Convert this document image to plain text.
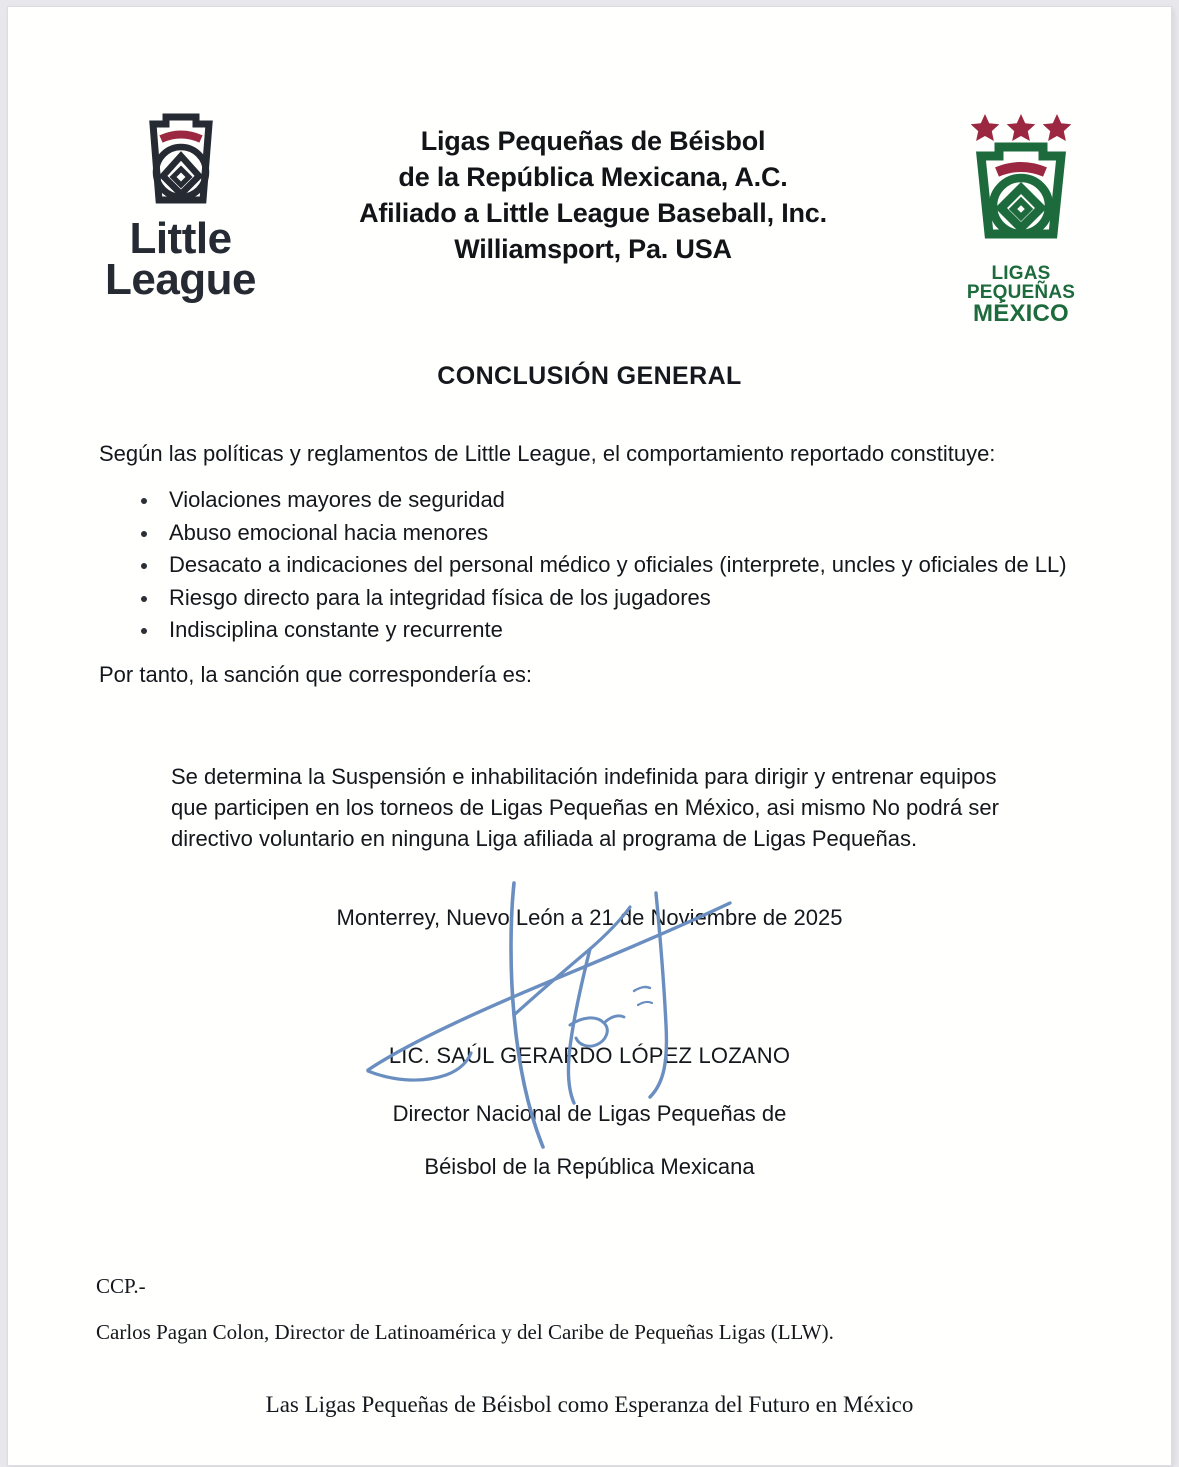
Little
League
Ligas Pequeñas de Béisbol
de la República Mexicana, A.C.
Afiliado a Little League Baseball, Inc.
Williamsport, Pa. USA
LIGAS
PEQUEÑAS
MÉXICO
CONCLUSIÓN GENERAL
Según las políticas y reglamentos de Little League, el comportamiento reportado constituye:
Violaciones mayores de seguridad
Abuso emocional hacia menores
Desacato a indicaciones del personal médico y oficiales (interprete, uncles y oficiales de LL)
Riesgo directo para la integridad física de los jugadores
Indisciplina constante y recurrente
Por tanto, la sanción que correspondería es:
Se determina la Suspensión e inhabilitación indefinida para dirigir y entrenar equipos que participen en los torneos de Ligas Pequeñas en México, asi mismo No podrá ser directivo voluntario en ninguna Liga afiliada al programa de Ligas Pequeñas.
Monterrey, Nuevo León a 21 de Noviembre de 2025
LIC. SAÚL GERARDO LÓPEZ LOZANO
Director Nacional de Ligas Pequeñas de
Béisbol de la República Mexicana
CCP.-
Carlos Pagan Colon, Director de Latinoamérica y del Caribe de Pequeñas Ligas (LLW).
Las Ligas Pequeñas de Béisbol como Esperanza del Futuro en México
